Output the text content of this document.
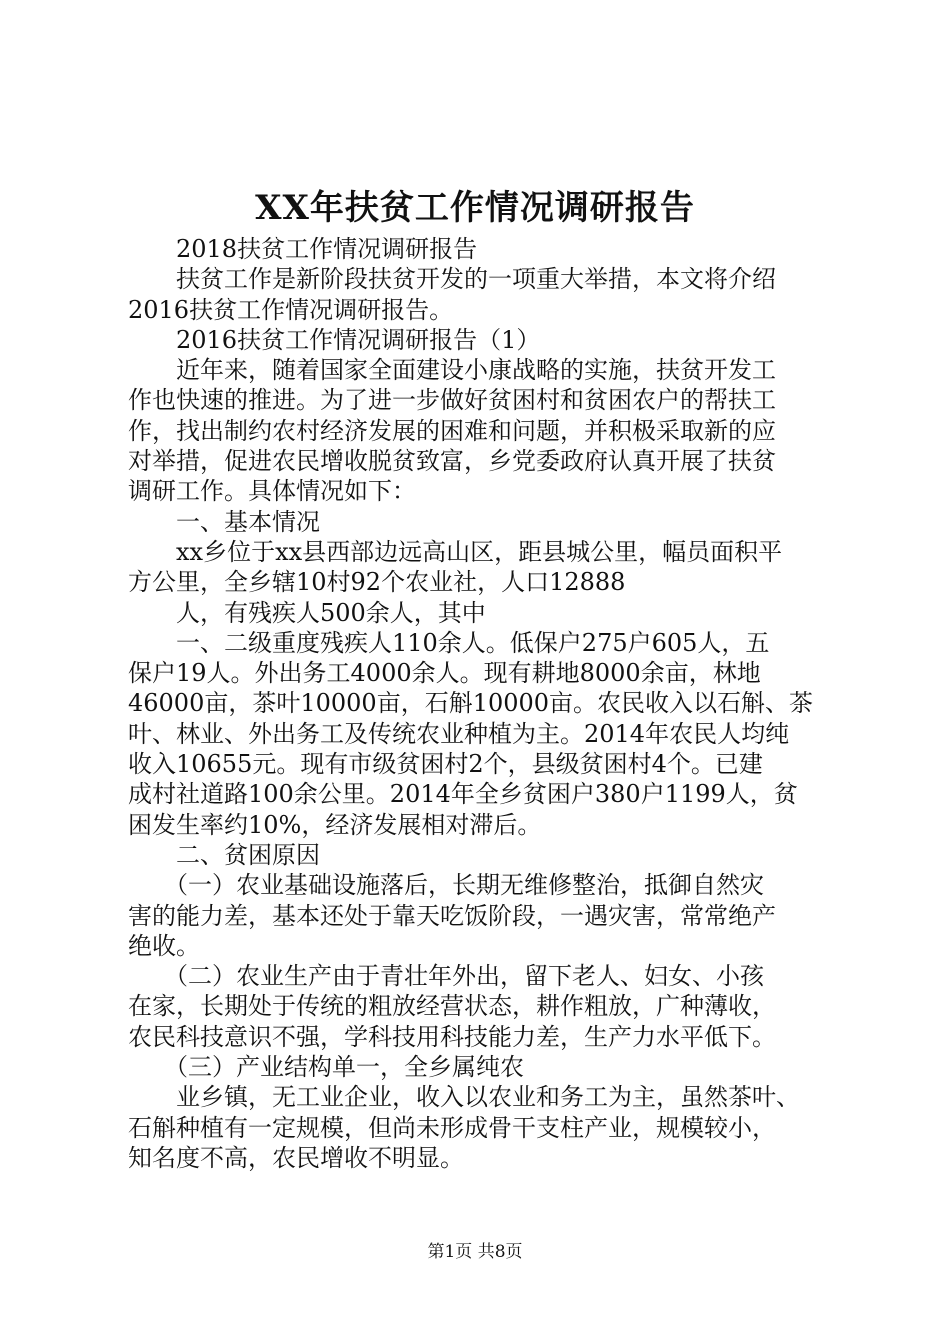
XX年扶贫工作情况调研报告
　　2018扶贫工作情况调研报告
　　扶贫工作是新阶段扶贫开发的一项重大举措，本文将介绍
2016扶贫工作情况调研报告。
　　2016扶贫工作情况调研报告（1）
　　近年来，随着国家全面建设小康战略的实施，扶贫开发工
作也快速的推进。为了进一步做好贫困村和贫困农户的帮扶工
作，找出制约农村经济发展的困难和问题，并积极采取新的应
对举措，促进农民增收脱贫致富，乡党委政府认真开展了扶贫
调研工作。具体情况如下：
　　一、基本情况
　　xx乡位于xx县西部边远高山区，距县城公里，幅员面积平
方公里，全乡辖10村92个农业社，人口12888
　　人，有残疾人500余人，其中
　　一、二级重度残疾人110余人。低保户275户605人，五
保户19人。外出务工4000余人。现有耕地8000余亩，林地
46000亩，茶叶10000亩，石斛10000亩。农民收入以石斛、茶
叶、林业、外出务工及传统农业种植为主。2014年农民人均纯
收入10655元。现有市级贫困村2个，县级贫困村4个。已建
成村社道路100余公里。2014年全乡贫困户380户1199人，贫
困发生率约10%，经济发展相对滞后。
　　二、贫困原因
　　（一）农业基础设施落后，长期无维修整治，抵御自然灾
害的能力差，基本还处于靠天吃饭阶段，一遇灾害，常常绝产
绝收。
　　（二）农业生产由于青壮年外出，留下老人、妇女、小孩
在家，长期处于传统的粗放经营状态，耕作粗放，广种薄收，
农民科技意识不强，学科技用科技能力差，生产力水平低下。
　　（三）产业结构单一，全乡属纯农
　　业乡镇，无工业企业，收入以农业和务工为主，虽然茶叶、
石斛种植有一定规模，但尚未形成骨干支柱产业，规模较小，
知名度不高，农民增收不明显。
第1页 共8页
